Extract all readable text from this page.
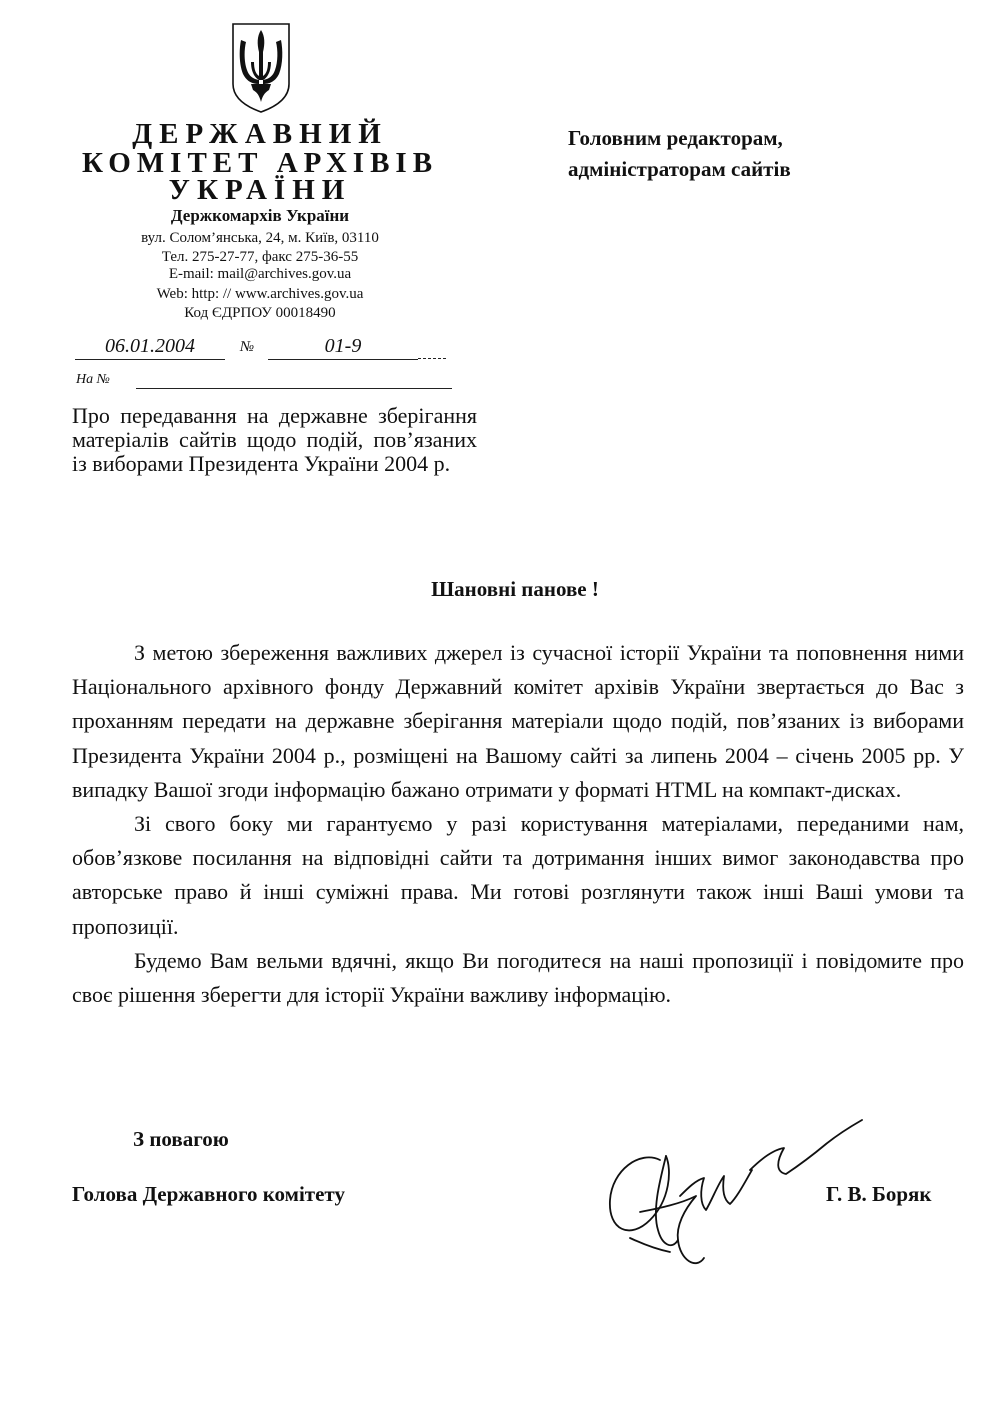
ДЕРЖАВНИЙ
КОМІТЕТ АРХІВІВ
УКРАЇНИ
Держкомархів України
вул. Солом’янська, 24, м. Київ, 03110
Тел. 275-27-77, факс 275-36-55
E-mail: mail@archives.gov.ua
Web: http: // www.archives.gov.ua
Код ЄДРПОУ 00018490
06.01.2004	№	01-9
На №
Про передавання на державне зберігання матеріалів сайтів щодо подій, пов’язаних із виборами Президента України 2004 р.
Головним редакторам,
адміністраторам сайтів
Шановні панове !

З метою збереження важливих джерел із сучасної історії України та поповнення ними Національного архівного фонду Державний комітет архівів України звертається до Вас з проханням передати на державне зберігання матеріали щодо подій, пов’язаних із виборами Президента України 2004 р., розміщені на Вашому сайті за липень 2004 – січень 2005 рр. У випадку Вашої згоди інформацію бажано отримати у форматі HTML на компакт-дисках.

Зі свого боку ми гарантуємо у разі користування матеріалами, переданими нам, обов’язкове посилання на відповідні сайти та дотримання інших вимог законодавства про авторське право й інші суміжні права. Ми готові розглянути також інші Ваші умови та пропозиції.

Будемо Вам вельми вдячні, якщо Ви погодитеся на наші пропозиції і повідомите про своє рішення зберегти для історії України важливу інформацію.

З повагою
Голова Державного комітету	Г. В. Боряк
